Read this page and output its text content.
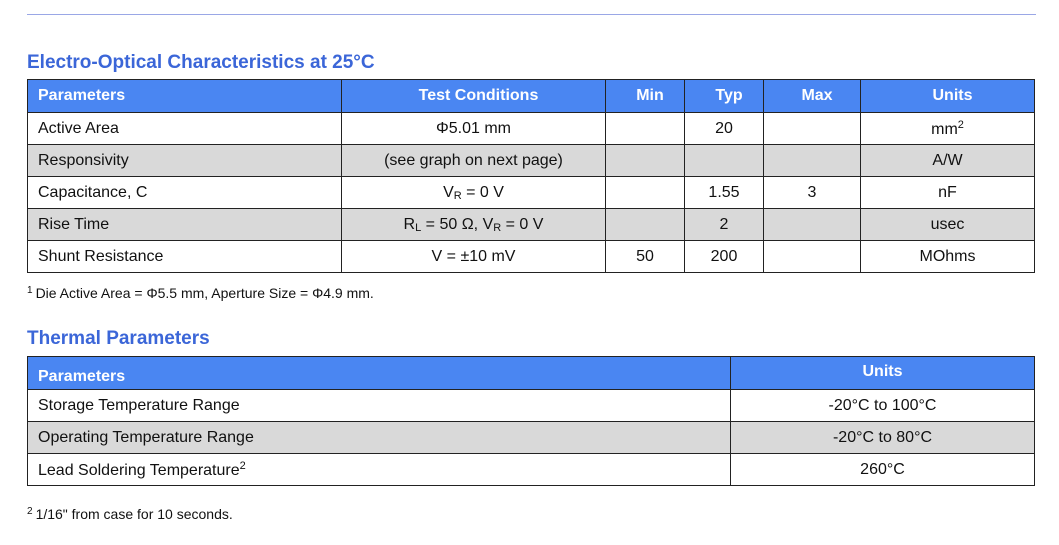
Electro-Optical Characteristics at 25°C
Parameters	Test Conditions	Min	Typ	Max	Units
Active Area	Φ5.01 mm		20		$mm^2$
Responsivity	(see graph on next page)				A/W
Capacitance, C	VR = 0 V		1.55	3	nF
Rise Time	RL = 50 Ω, VR = 0 V		2		usec
Shunt Resistance	V = ±10 mV	50	200		MOhms
$^1$ Die Active Area = Φ5.5 mm, Aperture Size = Φ4.9 mm.
Thermal Parameters
Parameters	Units
Storage Temperature Range	-20°C to 100°C
Operating Temperature Range	-20°C to 80°C
Lead Soldering Temperature$^2$	260°C
$^2$ 1/16" from case for 10 seconds.
